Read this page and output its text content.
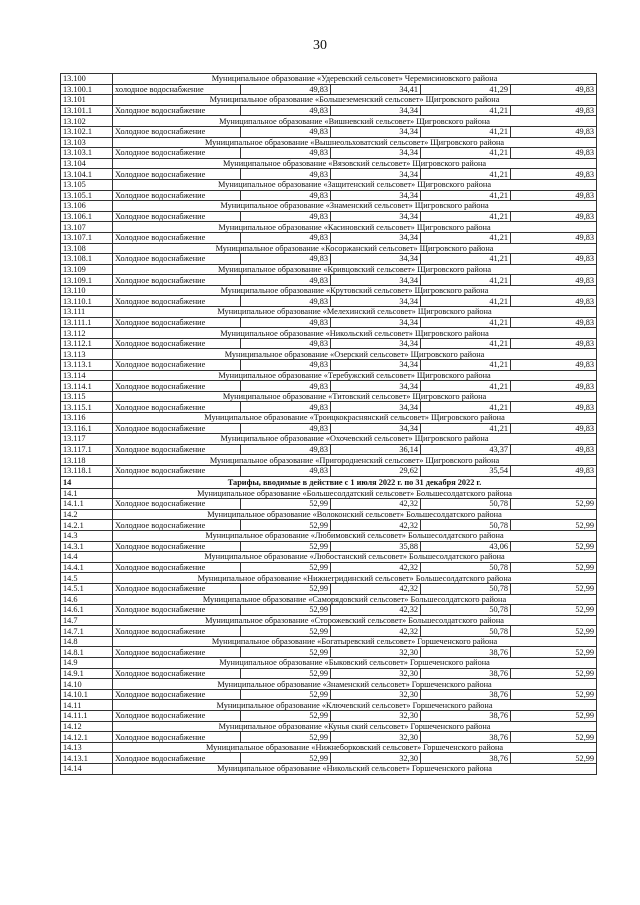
30
13.100	Муниципальное образование «Удеревский сельсовет» Черемисиновского района				
13.100.1	холодное водоснабжение	49,83	34,41	41,29	49,83
13.101	Муниципальное образование «Большеземенский сельсовет» Щигровского района				
13.101.1	Холодное водоснабжение	49,83	34,34	41,21	49,83
13.102	Муниципальное образование «Вишневский сельсовет» Щигровского района				
13.102.1	Холодное водоснабжение	49,83	34,34	41,21	49,83
13.103	Муниципальное образование «Вышнеольховатский сельсовет» Щигровского района				
13.103.1	Холодное водоснабжение	49,83	34,34	41,21	49,83
13.104	Муниципальное образование «Вязовский сельсовет» Щигровского района				
13.104.1	Холодное водоснабжение	49,83	34,34	41,21	49,83
13.105	Муниципальное образование «Защитенский сельсовет» Щигровского района				
13.105.1	Холодное водоснабжение	49,83	34,34	41,21	49,83
13.106	Муниципальное образование «Знаменский сельсовет» Щигровского района				
13.106.1	Холодное водоснабжение	49,83	34,34	41,21	49,83
13.107	Муниципальное образование «Касиновский сельсовет» Щигровского района				
13.107.1	Холодное водоснабжение	49,83	34,34	41,21	49,83
13.108	Муниципальное образование «Косоржанский сельсовет» Щигровского района				
13.108.1	Холодное водоснабжение	49,83	34,34	41,21	49,83
13.109	Муниципальное образование «Кривцовский сельсовет» Щигровского района				
13.109.1	Холодное водоснабжение	49,83	34,34	41,21	49,83
13.110	Муниципальное образование «Крутовский сельсовет» Щигровского района				
13.110.1	Холодное водоснабжение	49,83	34,34	41,21	49,83
13.111	Муниципальное образование «Мелехинский сельсовет» Щигровского района				
13.111.1	Холодное водоснабжение	49,83	34,34	41,21	49,83
13.112	Муниципальное образование «Никольский сельсовет» Щигровского района				
13.112.1	Холодное водоснабжение	49,83	34,34	41,21	49,83
13.113	Муниципальное образование «Озерский сельсовет» Щигровского района				
13.113.1	Холодное водоснабжение	49,83	34,34	41,21	49,83
13.114	Муниципальное образование «Теребужский сельсовет» Щигровского района				
13.114.1	Холодное водоснабжение	49,83	34,34	41,21	49,83
13.115	Муниципальное образование «Титовский сельсовет» Щигровского района				
13.115.1	Холодное водоснабжение	49,83	34,34	41,21	49,83
13.116	Муниципальное образование «Троицкокраснянский сельсовет» Щигровского района				
13.116.1	Холодное водоснабжение	49,83	34,34	41,21	49,83
13.117	Муниципальное образование «Охочевский сельсовет» Щигровского района				
13.117.1	Холодное водоснабжение	49,83	36,14	43,37	49,83
13.118	Муниципальное образование «Пригородненский сельсовет» Щигровского района				
13.118.1	Холодное водоснабжение	49,83	29,62	35,54	49,83
14	Тарифы, вводимые в действие с 1 июля 2022 г. по 31 декабря 2022 г.				
14.1	Муниципальное образование «Большесолдатский сельсовет» Большесолдатского района				
14.1.1	Холодное водоснабжение	52,99	42,32	50,78	52,99
14.2	Муниципальное образование «Волоконский сельсовет» Большесолдатского района				
14.2.1	Холодное водоснабжение	52,99	42,32	50,78	52,99
14.3	Муниципальное образование «Любимовский сельсовет» Большесолдатского района				
14.3.1	Холодное водоснабжение	52,99	35,88	43,06	52,99
14.4	Муниципальное образование «Любостанский сельсовет» Большесолдатского района				
14.4.1	Холодное водоснабжение	52,99	42,32	50,78	52,99
14.5	Муниципальное образование «Нижнегридинский сельсовет» Большесолдатского района				
14.5.1	Холодное водоснабжение	52,99	42,32	50,78	52,99
14.6	Муниципальное образование «Саморядовский сельсовет» Большесолдатского района				
14.6.1	Холодное водоснабжение	52,99	42,32	50,78	52,99
14.7	Муниципальное образование «Сторожевский сельсовет» Большесолдатского района				
14.7.1	Холодное водоснабжение	52,99	42,32	50,78	52,99
14.8	Муниципальное образование «Богатыревский сельсовет» Горшеченского района				
14.8.1	Холодное водоснабжение	52,99	32,30	38,76	52,99
14.9	Муниципальное образование «Быковский сельсовет» Горшеченского района				
14.9.1	Холодное водоснабжение	52,99	32,30	38,76	52,99
14.10	Муниципальное образование «Знаменский сельсовет» Горшеченского района				
14.10.1	Холодное водоснабжение	52,99	32,30	38,76	52,99
14.11	Муниципальное образование «Ключевский сельсовет» Горшеченского района				
14.11.1	Холодное водоснабжение	52,99	32,30	38,76	52,99
14.12	Муниципальное образование «Кунья ский сельсовет» Горшеченского района				
14.12.1	Холодное водоснабжение	52,99	32,30	38,76	52,99
14.13	Муниципальное образование «Нижнеборковский сельсовет» Горшеченского района				
14.13.1	Холодное водоснабжение	52,99	32,30	38,76	52,99
14.14	Муниципальное образование «Никольский сельсовет» Горшеченского района				
